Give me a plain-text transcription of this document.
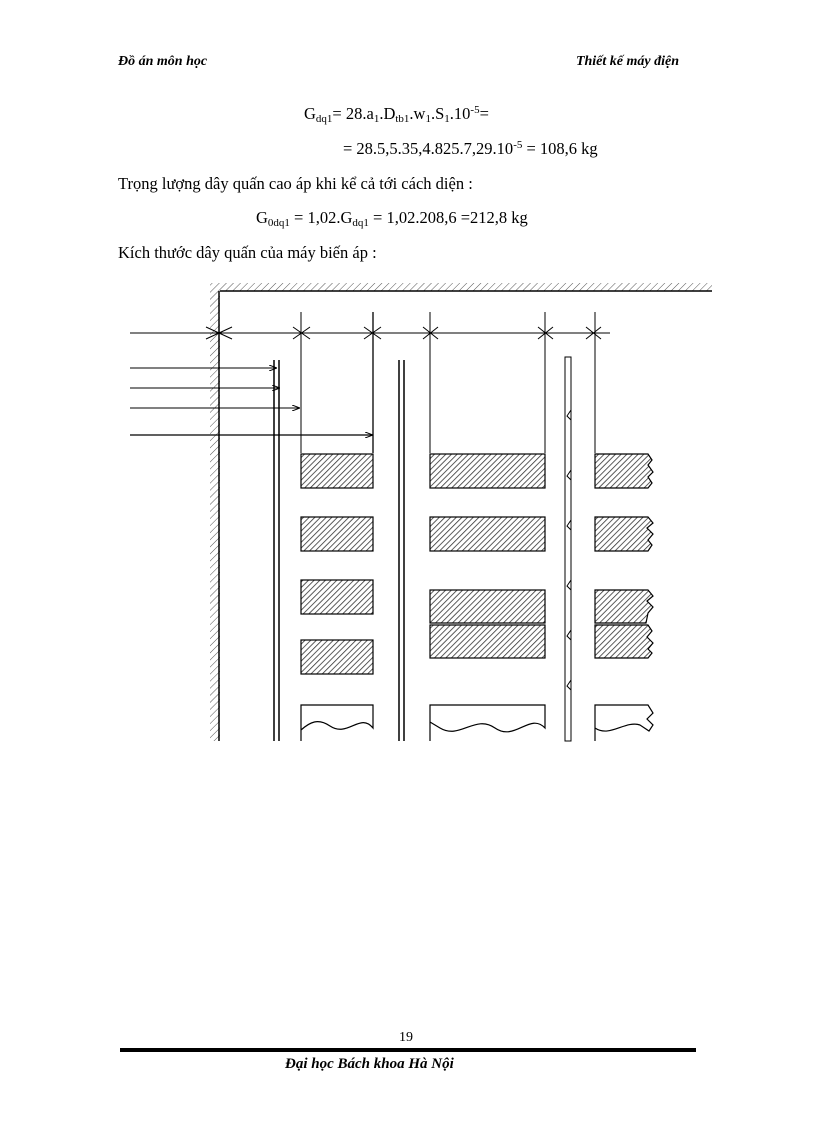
Đồ án môn học	Thiết kế máy điện
$G_{dq1}= 28.a_1.D_{tb1}.w_1.S_1.10^{-5}=$
= $28.5,5.35,4.825.7,29.10^{-5} = 108,6$ kg
Trọng lượng dây quấn cao áp khi kể cả tới cách diện :
$G_{0dq1} = 1,02.G_{dq1} = 1,02.208,6 =212,8$ kg
Kích thước dây quấn của máy biến áp :
19
Đại học Bách khoa Hà Nội
